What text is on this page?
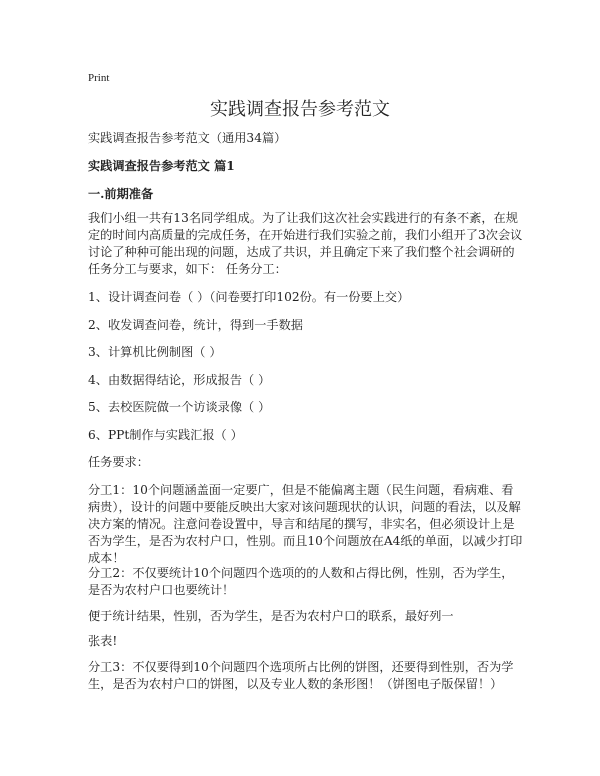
Print
实践调查报告参考范文
实践调查报告参考范文（通用34篇）
实践调查报告参考范文 篇1
一.前期准备
我们小组一共有13名同学组成。为了让我们这次社会实践进行的有条不紊，在规定的时间内高质量的完成任务，在开始进行我们实验之前，我们小组开了3次会议讨论了种种可能出现的问题，达成了共识，并且确定下来了我们整个社会调研的任务分工与要求，如下： 任务分工：
1、设计调查问卷（ ）（问卷要打印102份。有一份要上交）
2、收发调查问卷，统计，得到一手数据
3、计算机比例制图（ ）
4、由数据得结论，形成报告（ ）
5、去校医院做一个访谈录像（ ）
6、PPt制作与实践汇报（ ）
任务要求：
分工1：10个问题涵盖面一定要广，但是不能偏离主题（民生问题，看病难、看病贵），设计的问题中要能反映出大家对该问题现状的认识，问题的看法，以及解决方案的情况。注意问卷设置中，导言和结尾的撰写，非实名，但必须设计上是否为学生，是否为农村户口，性别。而且10个问题放在A4纸的单面，以减少打印成本！
分工2：不仅要统计10个问题四个选项的的人数和占得比例，性别，否为学生，是否为农村户口也要统计！
便于统计结果，性别，否为学生，是否为农村户口的联系，最好列一
张表!
分工3：不仅要得到10个问题四个选项所占比例的饼图，还要得到性别，否为学生，是否为农村户口的饼图，以及专业人数的条形图！（饼图电子版保留！）
